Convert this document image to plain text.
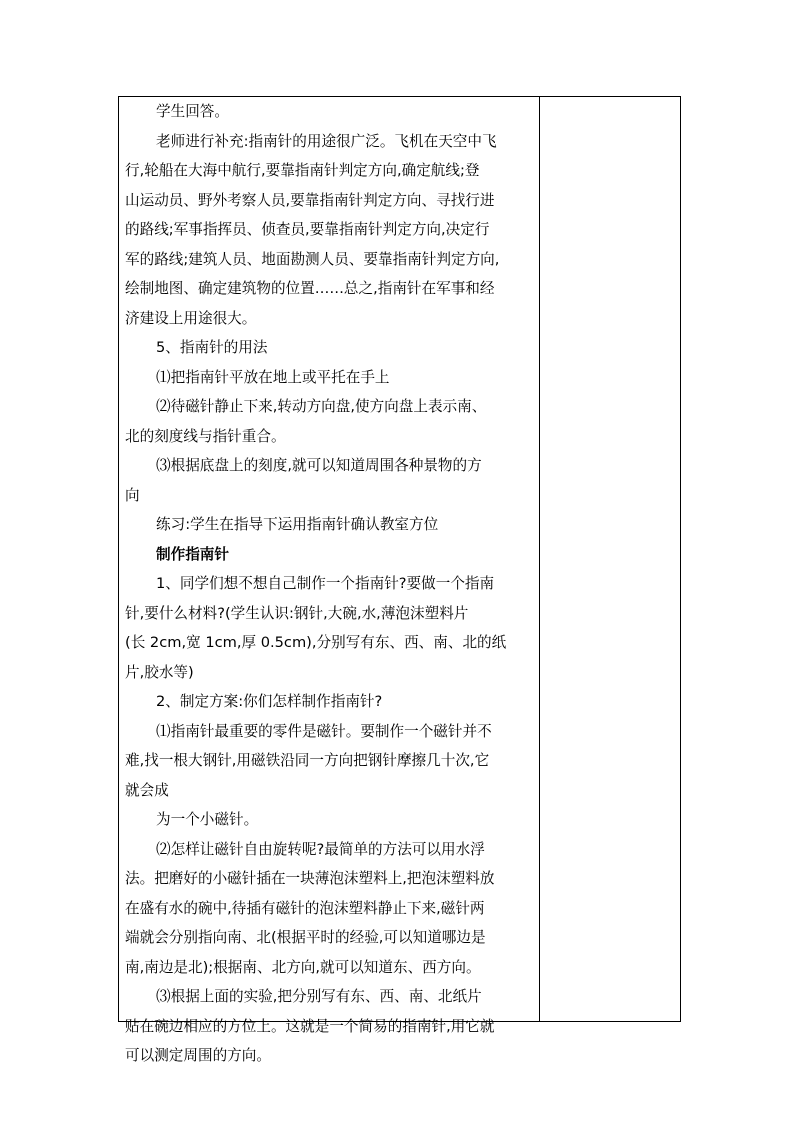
学生回答。
老师进行补充:指南针的用途很广泛。飞机在天空中飞
行,轮船在大海中航行,要靠指南针判定方向,确定航线;登
山运动员、野外考察人员,要靠指南针判定方向、寻找行进
的路线;军事指挥员、侦查员,要靠指南针判定方向,决定行
军的路线;建筑人员、地面勘测人员、要靠指南针判定方向,
绘制地图、确定建筑物的位置……总之,指南针在军事和经
济建设上用途很大。
5、指南针的用法
⑴把指南针平放在地上或平托在手上
⑵待磁针静止下来,转动方向盘,使方向盘上表示南、
北的刻度线与指针重合。
⑶根据底盘上的刻度,就可以知道周围各种景物的方
向
练习:学生在指导下运用指南针确认教室方位
制作指南针
1、同学们想不想自己制作一个指南针?要做一个指南
针,要什么材料?(学生认识:钢针,大碗,水,薄泡沫塑料片
(长 2cm,宽 1cm,厚 0.5cm),分别写有东、西、南、北的纸
片,胶水等)
2、制定方案:你们怎样制作指南针?
⑴指南针最重要的零件是磁针。要制作一个磁针并不
难,找一根大钢针,用磁铁沿同一方向把钢针摩擦几十次,它
就会成
为一个小磁针。
⑵怎样让磁针自由旋转呢?最简单的方法可以用水浮
法。把磨好的小磁针插在一块薄泡沫塑料上,把泡沫塑料放
在盛有水的碗中,待插有磁针的泡沫塑料静止下来,磁针两
端就会分别指向南、北(根据平时的经验,可以知道哪边是
南,南边是北);根据南、北方向,就可以知道东、西方向。
⑶根据上面的实验,把分别写有东、西、南、北纸片
贴在碗边相应的方位上。这就是一个简易的指南针,用它就
可以测定周围的方向。
